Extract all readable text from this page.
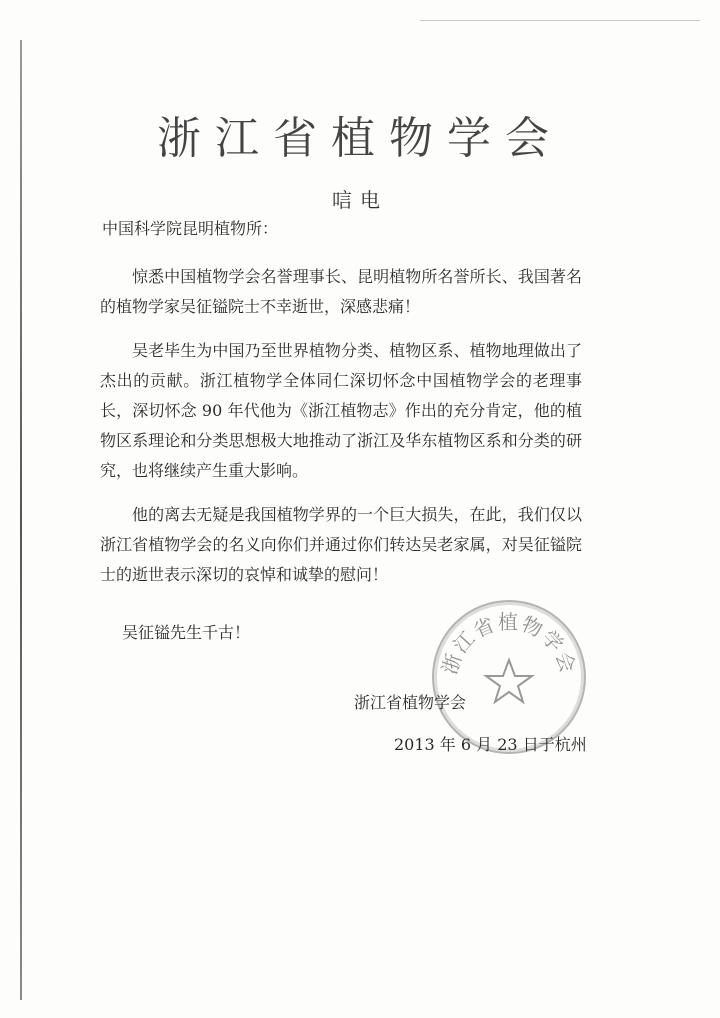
浙江省植物学会
唁电
中国科学院昆明植物所：

惊悉中国植物学会名誉理事长、昆明植物所名誉所长、我国著名的植物学家吴征镒院士不幸逝世，深感悲痛！

吴老毕生为中国乃至世界植物分类、植物区系、植物地理做出了杰出的贡献。浙江植物学全体同仁深切怀念中国植物学会的老理事长，深切怀念 90 年代他为《浙江植物志》作出的充分肯定，他的植物区系理论和分类思想极大地推动了浙江及华东植物区系和分类的研究，也将继续产生重大影响。

他的离去无疑是我国植物学界的一个巨大损失，在此，我们仅以浙江省植物学会的名义向你们并通过你们转达吴老家属，对吴征镒院士的逝世表示深切的哀悼和诚挚的慰问！

吴征镒先生千古！
浙江省植物学会
浙江省植物学会
2013 年 6 月 23 日于杭州
